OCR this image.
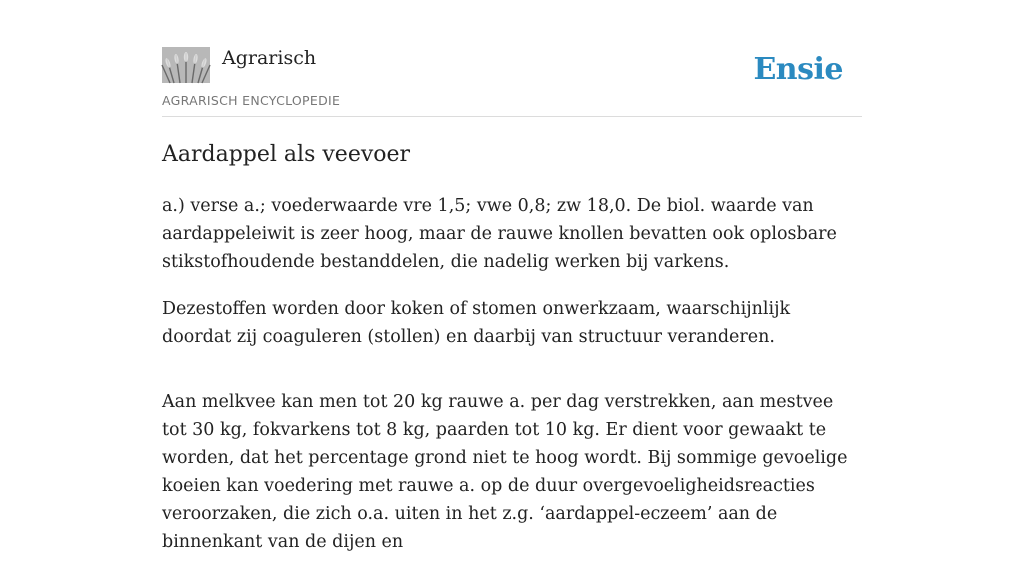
Agrarisch
AGRARISCH ENCYCLOPEDIE
Ensie
Aardappel als veevoer

a.) verse a.; voederwaarde vre 1,5; vwe 0,8; zw 18,0. De biol. waarde van aardappeleiwit is zeer hoog, maar de rauwe knollen bevatten ook oplosbare stikstofhoudende bestanddelen, die nadelig werken bij varkens.

Dezestoffen worden door koken of stomen onwerkzaam, waarschijnlijk doordat zij coaguleren (stollen) en daarbij van structuur veranderen.

Aan melkvee kan men tot 20 kg rauwe a. per dag verstrekken, aan mestvee tot 30 kg, fokvarkens tot 8 kg, paarden tot 10 kg. Er dient voor gewaakt te worden, dat het percentage grond niet te hoog wordt. Bij sommige gevoelige koeien kan voedering met rauwe a. op de duur overgevoeligheidsreacties veroorzaken, die zich o.a. uiten in het z.g. ‘aardappel-eczeem’ aan de binnenkant van de dijen en
